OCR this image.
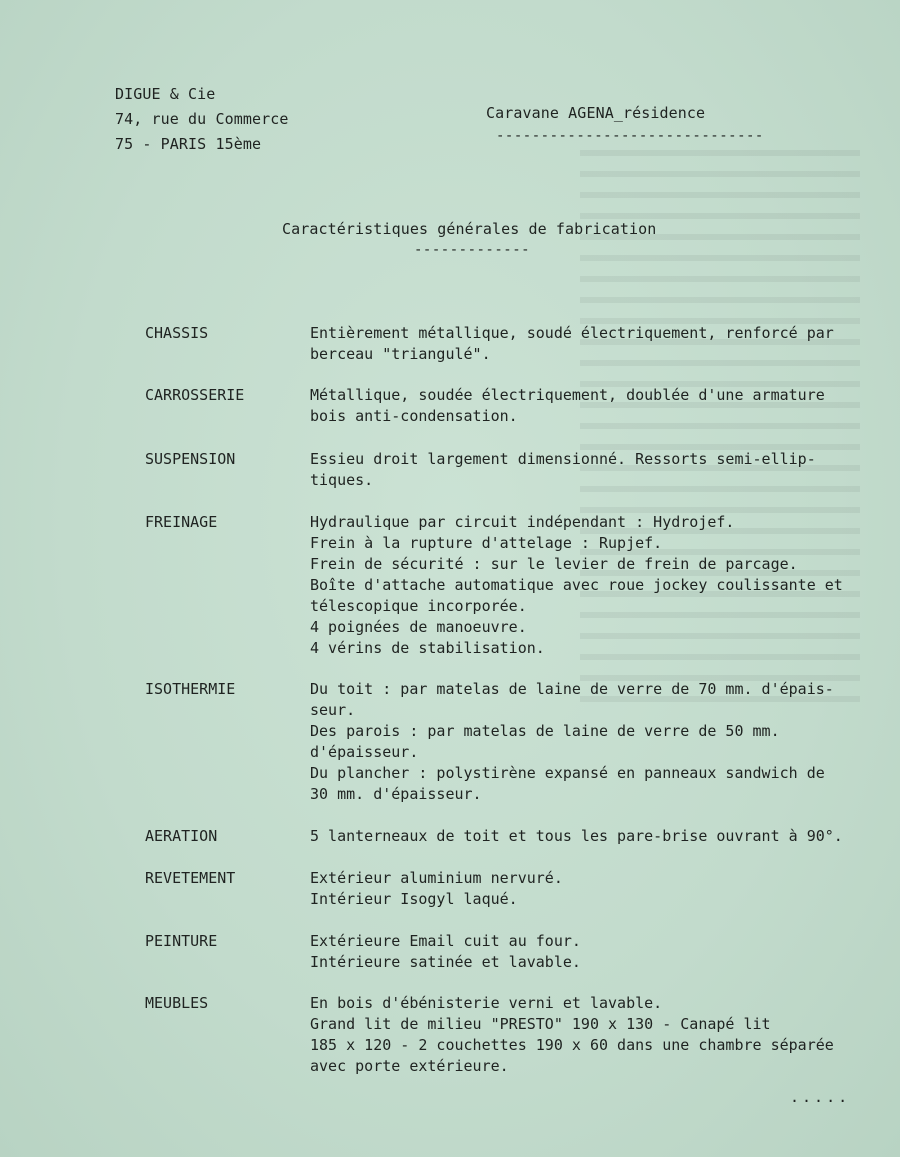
DIGUE & Cie
74, rue du Commerce
75 - PARIS 15ème
Caravane AGENA_résidence
------------------------------
Caractéristiques générales de fabrication
-------------
CHASSIS	Entièrement métallique, soudé électriquement, renforcé par
berceau "triangulé".
CARROSSERIE	Métallique, soudée électriquement, doublée d'une armature
bois anti-condensation.
SUSPENSION	Essieu droit largement dimensionné. Ressorts semi-ellip-
tiques.
FREINAGE	Hydraulique par circuit indépendant : Hydrojef.
Frein à la rupture d'attelage : Rupjef.
Frein de sécurité : sur le levier de frein de parcage.
Boîte d'attache automatique avec roue jockey coulissante et
télescopique incorporée.
4 poignées de manoeuvre.
4 vérins de stabilisation.
ISOTHERMIE	Du toit : par matelas de laine de verre de 70 mm. d'épais-
seur.
Des parois : par matelas de laine de verre de 50 mm.
d'épaisseur.
Du plancher : polystirène expansé en panneaux sandwich de
30 mm. d'épaisseur.
AERATION	5 lanterneaux de toit et tous les pare-brise ouvrant à 90°.
REVETEMENT	Extérieur aluminium nervuré.
Intérieur Isogyl laqué.
PEINTURE	Extérieure Email cuit au four.
Intérieure satinée et lavable.
MEUBLES	En bois d'ébénisterie verni et lavable.
Grand lit de milieu "PRESTO" 190 x 130 - Canapé lit
185 x 120 - 2 couchettes 190 x 60 dans une chambre séparée
avec porte extérieure.
.....
